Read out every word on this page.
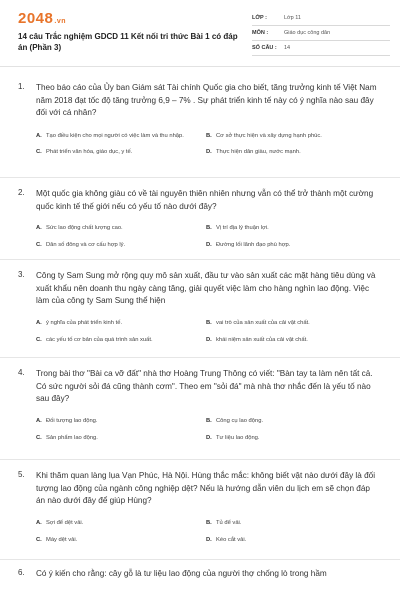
2048.vn
14 câu Trắc nghiệm GDCD 11 Kết nối tri thức Bài 1 có đáp án (Phần 3)
LỚP :	Lớp 11
MÔN :	Giáo dục công dân
SỐ CÂU :	14
1. Theo báo cáo của Ủy ban Giám sát Tài chính Quốc gia cho biết, tăng trưởng kinh tế Việt Nam năm 2018 đạt tốc độ tăng trưởng 6,9 – 7% . Sự phát triển kinh tế này có ý nghĩa nào sau đây đối với cá nhân?
A. Tạo điều kiện cho mọi người có việc làm và thu nhập.	B. Cơ sở thực hiện và xây dựng hạnh phúc.
C. Phát triển văn hóa, giáo dục, y tế.	D. Thực hiện dân giàu, nước mạnh.
2. Một quốc gia không giàu có về tài nguyên thiên nhiên nhưng vẫn có thể trở thành một cường quốc kinh tế thế giới nếu có yếu tố nào dưới đây?
A. Sức lao động chất lượng cao.	B. Vị trí địa lý thuận lợi.
C. Dân số đông và cơ cấu hợp lý.	D. Đường lối lãnh đạo phù hợp.
3. Công ty Sam Sung mở rộng quy mô sản xuất, đầu tư vào sản xuất các mặt hàng tiêu dùng và xuất khẩu nên doanh thu ngày càng tăng, giải quyết việc làm cho hàng nghìn lao động. Việc làm của công ty Sam Sung thể hiện
A. ý nghĩa của phát triển kinh tế.	B. vai trò của sản xuất của cải vật chất.
C. các yếu tố cơ bản của quá trình sản xuất.	D. khái niệm sản xuất của cải vật chất.
4. Trong bài thơ "Bài ca vỡ đất" nhà thơ Hoàng Trung Thông có viết: "Bàn tay ta làm nên tất cả. Có sức người sỏi đá cũng thành cơm". Theo em "sỏi đá" mà nhà thơ nhắc đến là yếu tố nào sau đây?
A. Đối tượng lao động.	B. Công cụ lao động.
C. Sản phẩm lao động.	D. Tư liệu lao động.
5. Khi thăm quan làng lụa Vạn Phúc, Hà Nội. Hùng thắc mắc: không biết vật nào dưới đây là đối tượng lao động của ngành công nghiệp dệt? Nếu là hướng dẫn viên du lịch em sẽ chọn đáp án nào dưới đây để giúp Hùng?
A. Sợi để dệt vải.	B. Tủ để vải.
C. Máy dệt vải.	D. Kéo cắt vải.
6. Có ý kiến cho rằng: cây gỗ là tư liệu lao động của người thợ chống lò trong hầm
